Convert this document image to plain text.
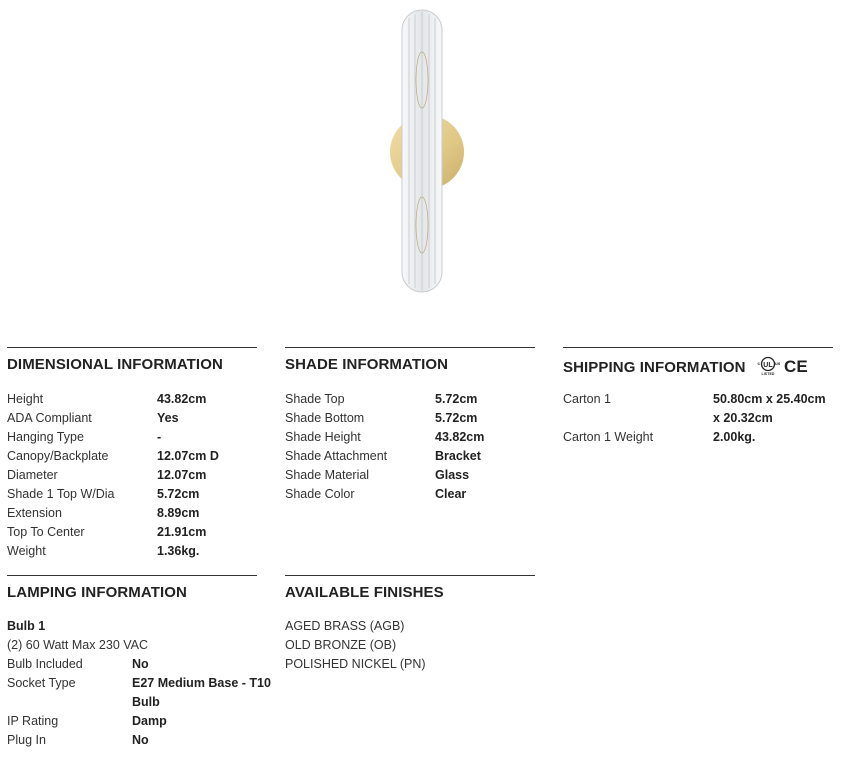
DIMENSIONAL INFORMATION
Height	43.82cm
ADA Compliant	Yes
Hanging Type	-
Canopy/Backplate	12.07cm D
Diameter	12.07cm
Shade 1 Top W/Dia	5.72cm
Extension	8.89cm
Top To Center	21.91cm
Weight	1.36kg.
SHADE INFORMATION
Shade Top	5.72cm
Shade Bottom	5.72cm
Shade Height	43.82cm
Shade Attachment	Bracket
Shade Material	Glass
Shade Color	Clear
SHIPPING INFORMATION	UL
c	us
LISTED
CE
Carton 1	50.80cm x 25.40cm
x 20.32cm
Carton 1 Weight	2.00kg.
LAMPING INFORMATION
Bulb 1
(2) 60 Watt Max 230 VAC
Bulb Included	No
Socket Type	E27 Medium Base - T10
Bulb
IP Rating	Damp
Plug In	No
AVAILABLE FINISHES
AGED BRASS (AGB)
OLD BRONZE (OB)
POLISHED NICKEL (PN)
